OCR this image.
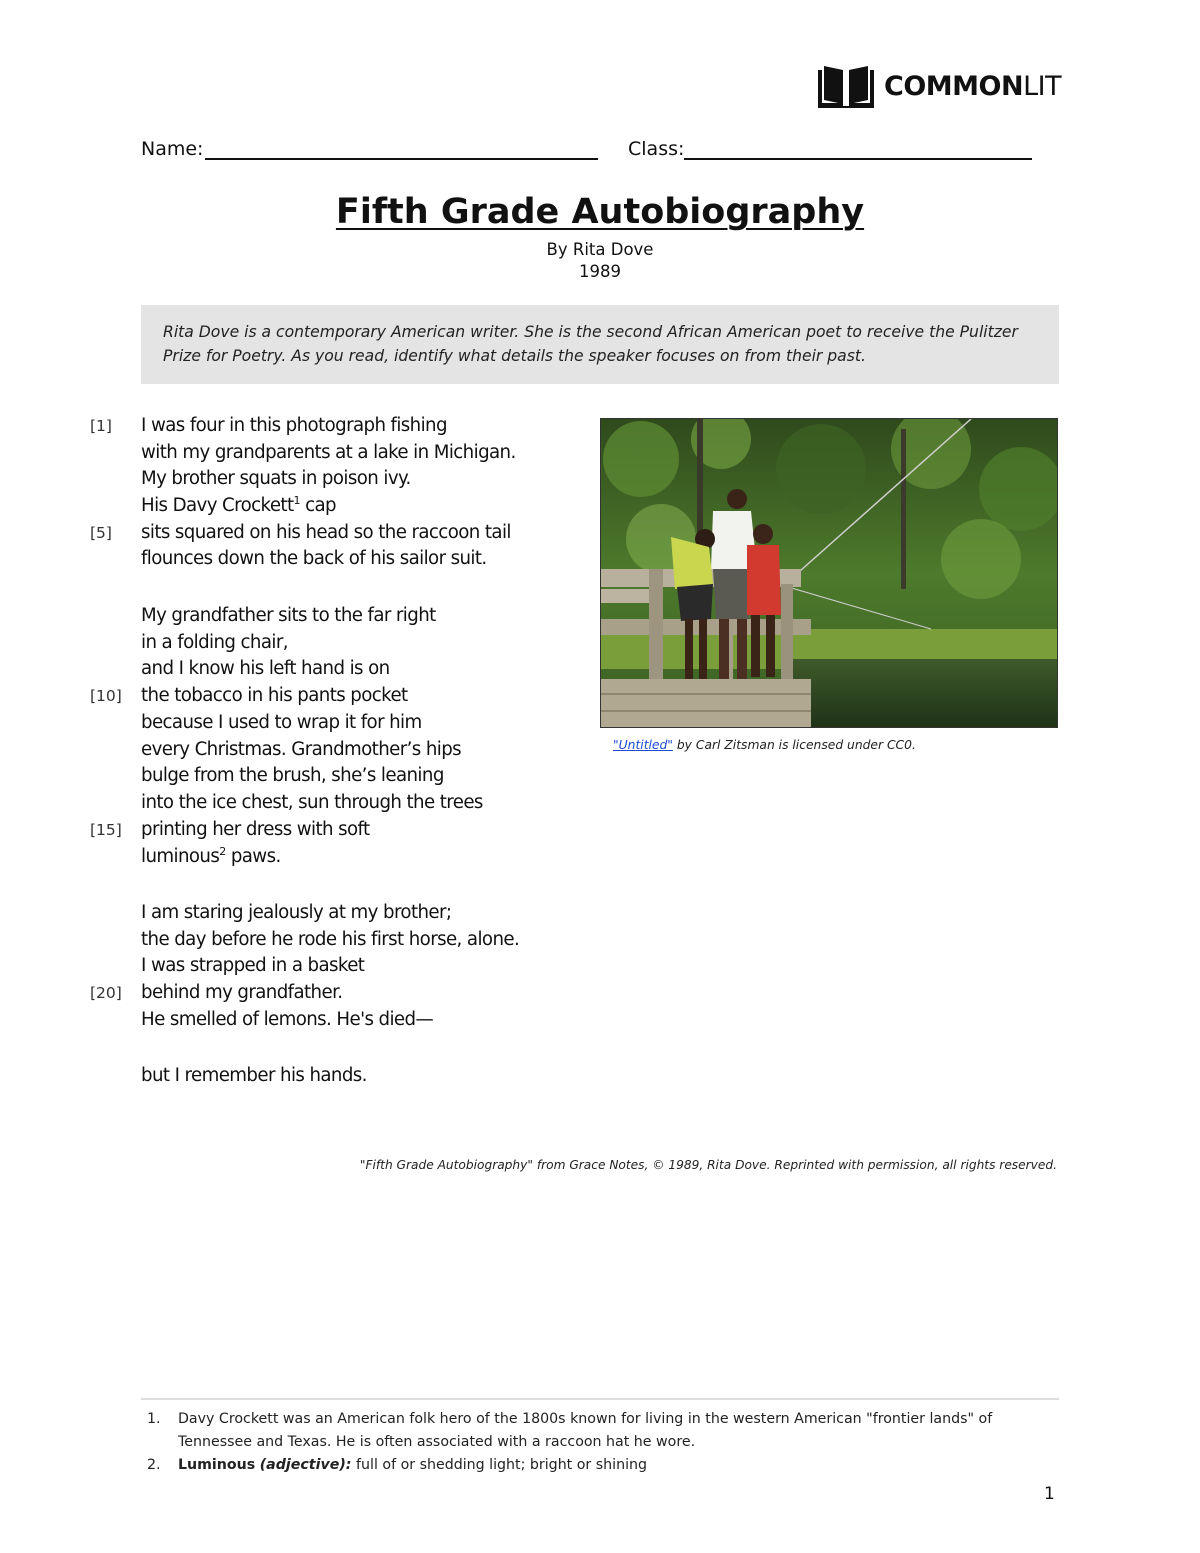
COMMONLIT
Name:	Class:
Fifth Grade Autobiography
By Rita Dove
1989

Rita Dove is a contemporary American writer. She is the second African American poet to receive the Pulitzer Prize for Poetry. As you read, identify what details the speaker focuses on from their past.

[1]
[5]
[10]
[15]
[20]
I was four in this photograph fishing
with my grandparents at a lake in Michigan.
My brother squats in poison ivy.
His Davy Crockett$^1$ cap
sits squared on his head so the raccoon tail
flounces down the back of his sailor suit.
My grandfather sits to the far right
in a folding chair,
and I know his left hand is on
the tobacco in his pants pocket
because I used to wrap it for him
every Christmas. Grandmother’s hips
bulge from the brush, she’s leaning
into the ice chest, sun through the trees
printing her dress with soft
luminous$^2$ paws.
I am staring jealously at my brother;
the day before he rode his first horse, alone.
I was strapped in a basket
behind my grandfather.
He smelled of lemons. He's died—
but I remember his hands.
"Untitled" by Carl Zitsman is licensed under CC0.
"Fifth Grade Autobiography" from Grace Notes, © 1989, Rita Dove. Reprinted with permission, all rights reserved.
1. Davy Crockett was an American folk hero of the 1800s known for living in the western American "frontier lands" of Tennessee and Texas. He is often associated with a raccoon hat he wore.
2. Luminous (adjective): full of or shedding light; bright or shining
1
